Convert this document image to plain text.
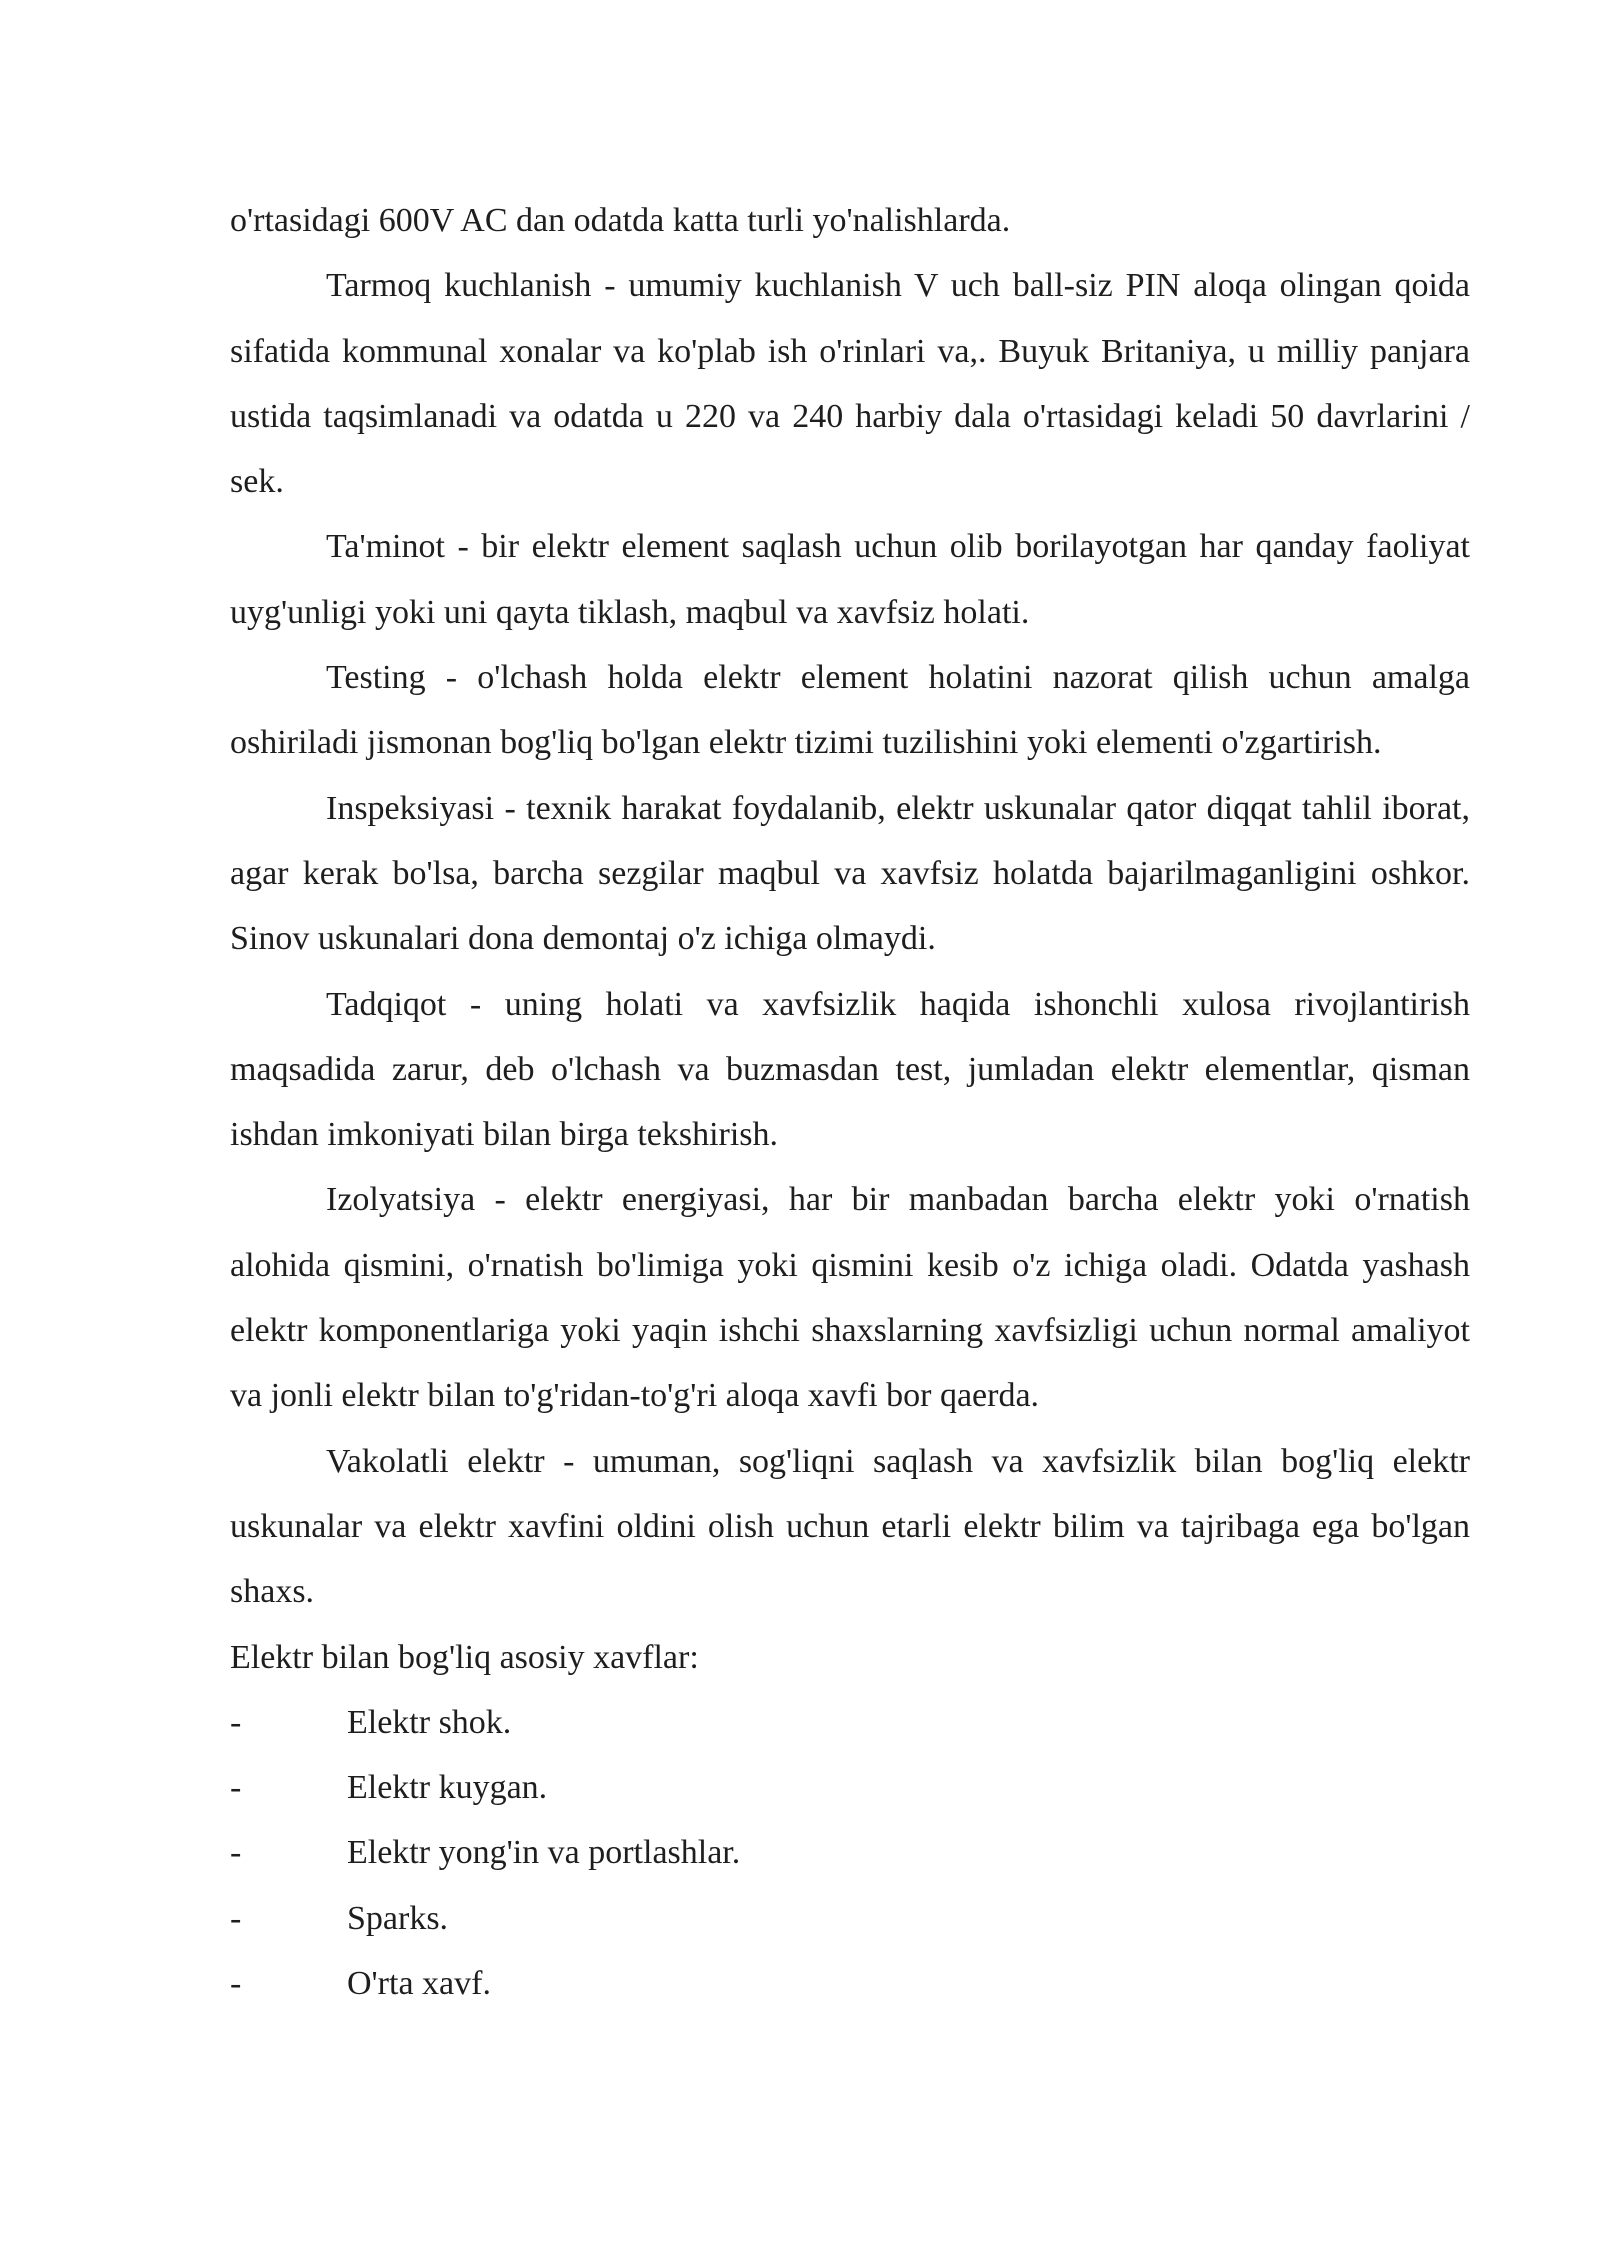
o'rtasidagi 600V AC dan odatda katta turli yo'nalishlarda.

Tarmoq kuchlanish - umumiy kuchlanish V uch ball-siz PIN aloqa olingan qoida sifatida kommunal xonalar va ko'plab ish o'rinlari va,. Buyuk Britaniya, u milliy panjara ustida taqsimlanadi va odatda u 220 va 240 harbiy dala o'rtasidagi keladi 50 davrlarini / sek.

Ta'minot - bir elektr element saqlash uchun olib borilayotgan har qanday faoliyat uyg'unligi yoki uni qayta tiklash, maqbul va xavfsiz holati.

Testing - o'lchash holda elektr element holatini nazorat qilish uchun amalga oshiriladi jismonan bog'liq bo'lgan elektr tizimi tuzilishini yoki elementi o'zgartirish.

Inspeksiyasi - texnik harakat foydalanib, elektr uskunalar qator diqqat tahlil iborat, agar kerak bo'lsa, barcha sezgilar maqbul va xavfsiz holatda bajarilmaganligini oshkor. Sinov uskunalari dona demontaj o'z ichiga olmaydi.

Tadqiqot - uning holati va xavfsizlik haqida ishonchli xulosa rivojlantirish maqsadida zarur, deb o'lchash va buzmasdan test, jumladan elektr elementlar, qisman ishdan imkoniyati bilan birga tekshirish.

Izolyatsiya - elektr energiyasi, har bir manbadan barcha elektr yoki o'rnatish alohida qismini, o'rnatish bo'limiga yoki qismini kesib o'z ichiga oladi. Odatda yashash elektr komponentlariga yoki yaqin ishchi shaxslarning xavfsizligi uchun normal amaliyot va jonli elektr bilan to'g'ridan-to'g'ri aloqa xavfi bor qaerda.

Vakolatli elektr - umuman, sog'liqni saqlash va xavfsizlik bilan bog'liq elektr uskunalar va elektr xavfini oldini olish uchun etarli elektr bilim va tajribaga ega bo'lgan shaxs.

Elektr bilan bog'liq asosiy xavflar:

-	Elektr shok.
-	Elektr kuygan.
-	Elektr yong'in va portlashlar.
-	Sparks.
-	O'rta xavf.
